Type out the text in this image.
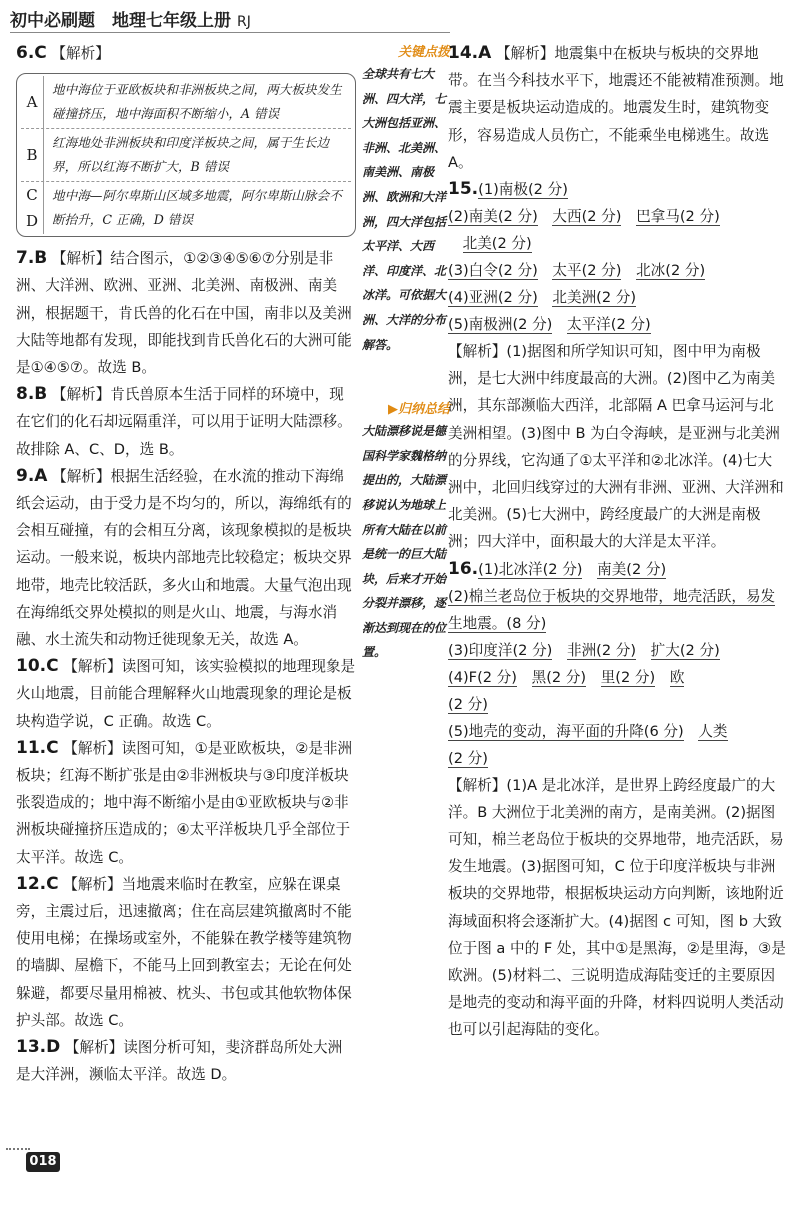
初中必刷题　地理七年级上册 RJ

6.C 【解析】

A
地中海位于亚欧板块和非洲板块之间，两大板块发生碰撞挤压，地中海面积不断缩小，A 错误
B
红海地处非洲板块和印度洋板块之间，属于生长边界，所以红海不断扩大，B 错误
C
D
地中海—阿尔卑斯山区域多地震，阿尔卑斯山脉会不断抬升，C 正确，D 错误

7.B 【解析】结合图示，①②③④⑤⑥⑦分别是非洲、大洋洲、欧洲、亚洲、北美洲、南极洲、南美洲，根据题干，肯氏兽的化石在中国，南非以及美洲大陆等地都有发现，即能找到肯氏兽化石的大洲可能是①④⑤⑦。故选 B。

8.B 【解析】肯氏兽原本生活于同样的环境中，现在它们的化石却远隔重洋，可以用于证明大陆漂移。故排除 A、C、D，选 B。

9.A 【解析】根据生活经验，在水流的推动下海绵纸会运动，由于受力是不均匀的，所以，海绵纸有的会相互碰撞，有的会相互分离，该现象模拟的是板块运动。一般来说，板块内部地壳比较稳定；板块交界地带，地壳比较活跃，多火山和地震。大量气泡出现在海绵纸交界处模拟的则是火山、地震，与海水消融、水土流失和动物迁徙现象无关，故选 A。

10.C 【解析】读图可知，该实验模拟的地理现象是火山地震，目前能合理解释火山地震现象的理论是板块构造学说，C 正确。故选 C。

11.C 【解析】读图可知，①是亚欧板块，②是非洲板块；红海不断扩张是由②非洲板块与③印度洋板块张裂造成的；地中海不断缩小是由①亚欧板块与②非洲板块碰撞挤压造成的；④太平洋板块几乎全部位于太平洋。故选 C。

12.C 【解析】当地震来临时在教室，应躲在课桌旁，主震过后，迅速撤离；住在高层建筑撤离时不能使用电梯；在操场或室外，不能躲在教学楼等建筑物的墙脚、屋檐下，不能马上回到教室去；无论在何处躲避，都要尽量用棉被、枕头、书包或其他软物体保护头部。故选 C。

13.D 【解析】读图分析可知，斐济群岛所处大洲是大洋洲，濒临太平洋。故选 D。

关键点拨
全球共有七大洲、四大洋，七大洲包括亚洲、非洲、北美洲、南美洲、南极洲、欧洲和大洋洲，四大洋包括太平洋、大西洋、印度洋、北冰洋。可依据大洲、大洋的分布解答。
▶归纳总结
大陆漂移说是德国科学家魏格纳提出的，大陆漂移说认为地球上所有大陆在以前是统一的巨大陆块，后来才开始分裂并漂移，逐渐达到现在的位置。

14.A 【解析】地震集中在板块与板块的交界地带。在当今科技水平下，地震还不能被精准预测。地震主要是板块运动造成的。地震发生时，建筑物变形，容易造成人员伤亡，不能乘坐电梯逃生。故选 A。

15.(1)南极(2 分)

(2)南美(2 分)　 大西(2 分)　 巴拿马(2 分)

　北美(2 分)

(3)白令(2 分)　 太平(2 分)　 北冰(2 分)

(4)亚洲(2 分)　 北美洲(2 分)

(5)南极洲(2 分)　 太平洋(2 分)

【解析】(1)据图和所学知识可知，图中甲为南极洲，是七大洲中纬度最高的大洲。(2)图中乙为南美洲，其东部濒临大西洋，北部隔 A 巴拿马运河与北美洲相望。(3)图中 B 为白令海峡，是亚洲与北美洲的分界线，它沟通了①太平洋和②北冰洋。(4)七大洲中，北回归线穿过的大洲有非洲、亚洲、大洋洲和北美洲。(5)七大洲中，跨经度最广的大洲是南极洲；四大洋中，面积最大的大洋是太平洋。

16.(1)北冰洋(2 分)　 南美(2 分)

(2)棉兰老岛位于板块的交界地带，地壳活跃，易发生地震。(8 分)

(3)印度洋(2 分)　 非洲(2 分)　 扩大(2 分)

(4)F(2 分)　 黑(2 分)　 里(2 分)　 欧

(2 分)

(5)地壳的变动，海平面的升降(6 分)　 人类

(2 分)

【解析】(1)A 是北冰洋，是世界上跨经度最广的大洋。B 大洲位于北美洲的南方，是南美洲。(2)据图可知，棉兰老岛位于板块的交界地带，地壳活跃，易发生地震。(3)据图可知，C 位于印度洋板块与非洲板块的交界地带，根据板块运动方向判断，该地附近海域面积将会逐渐扩大。(4)据图 c 可知，图 b 大致位于图 a 中的 F 处，其中①是黑海，②是里海，③是欧洲。(5)材料二、三说明造成海陆变迁的主要原因是地壳的变动和海平面的升降，材料四说明人类活动也可以引起海陆的变化。

018
